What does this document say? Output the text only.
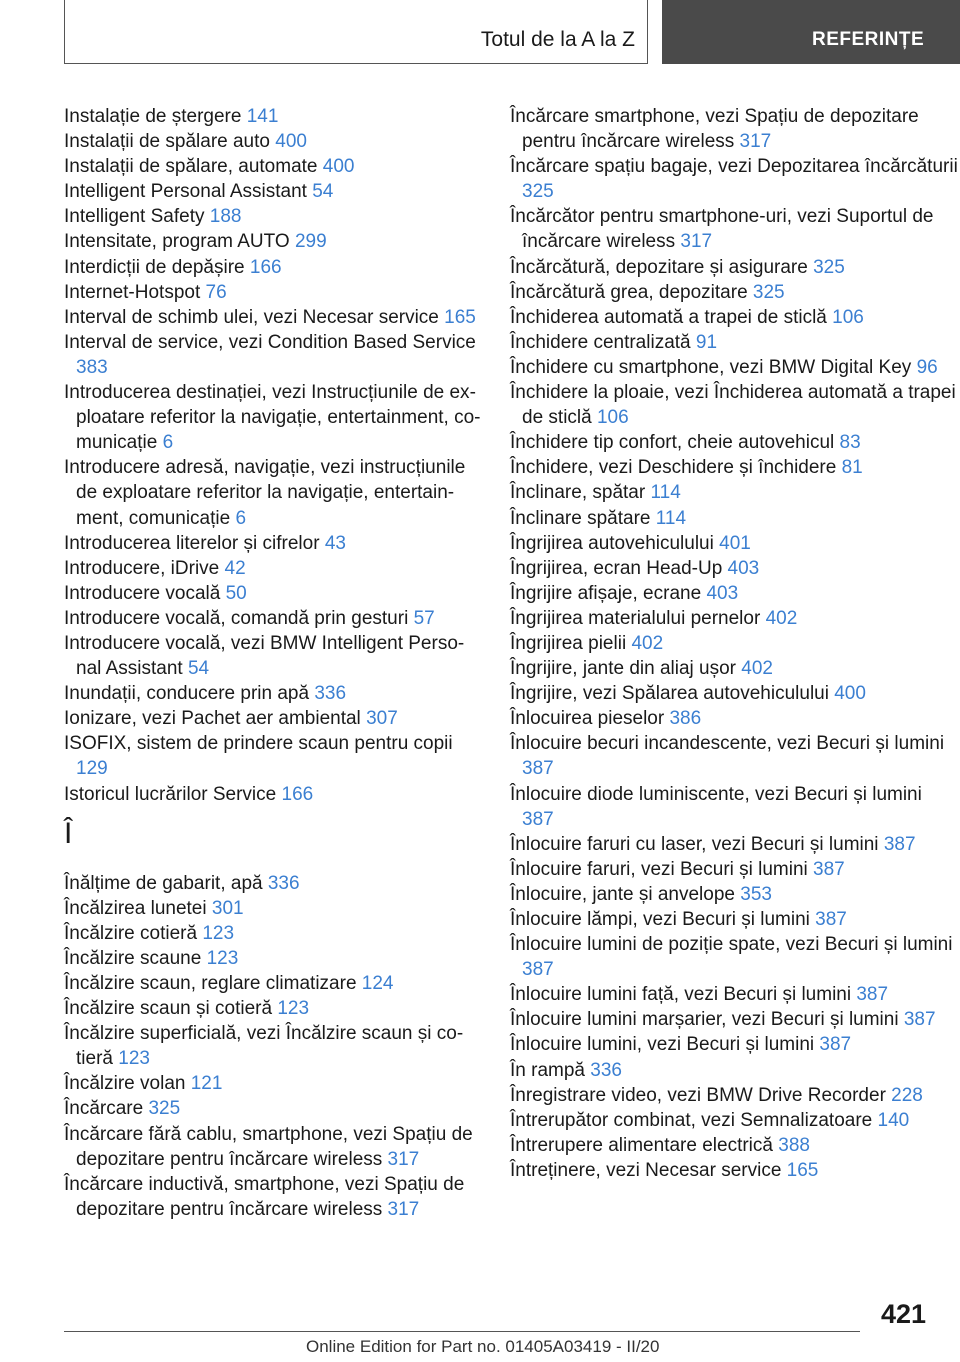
Totul de la A la Z	REFERINȚE

Instalație de ștergere 141

Instalații de spălare auto 400

Instalații de spălare, automate 400

Intelligent Personal Assistant 54

Intelligent Safety 188

Intensitate, program AUTO 299

Interdicții de depășire 166

Internet-Hotspot 76

Interval de schimb ulei, vezi Necesar service 165

Interval de service, vezi Condition Based Service 383

Introducerea destinației, vezi Instrucțiunile de exploatare referitor la navigație, entertainment, comunicație 6

Introducere adresă, navigație, vezi instrucțiunile de exploatare referitor la navigație, entertainment, comunicație 6

Introducerea literelor și cifrelor 43

Introducere, iDrive 42

Introducere vocală 50

Introducere vocală, comandă prin gesturi 57

Introducere vocală, vezi BMW Intelligent Personal Assistant 54

Inundații, conducere prin apă 336

Ionizare, vezi Pachet aer ambiental 307

ISOFIX, sistem de prindere scaun pentru copii 129

Istoricul lucrărilor Service 166

Î

Înălțime de gabarit, apă 336

Încălzirea lunetei 301

Încălzire cotieră 123

Încălzire scaune 123

Încălzire scaun, reglare climatizare 124

Încălzire scaun și cotieră 123

Încălzire superficială, vezi Încălzire scaun și cotieră 123

Încălzire volan 121

Încărcare 325

Încărcare fără cablu, smartphone, vezi Spațiu de depozitare pentru încărcare wireless 317

Încărcare inductivă, smartphone, vezi Spațiu de depozitare pentru încărcare wireless 317

Încărcare smartphone, vezi Spațiu de depozitare pentru încărcare wireless 317

Încărcare spațiu bagaje, vezi Depozitarea încărcăturii 325

Încărcător pentru smartphone-uri, vezi Suportul de încărcare wireless 317

Încărcătură, depozitare și asigurare 325

Încărcătură grea, depozitare 325

Închiderea automată a trapei de sticlă 106

Închidere centralizată 91

Închidere cu smartphone, vezi BMW Digital Key 96

Închidere la ploaie, vezi Închiderea automată a trapei de sticlă 106

Închidere tip confort, cheie autovehicul 83

Închidere, vezi Deschidere și închidere 81

Înclinare, spătar 114

Înclinare spătare 114

Îngrijirea autovehiculului 401

Îngrijirea, ecran Head-Up 403

Îngrijire afișaje, ecrane 403

Îngrijirea materialului pernelor 402

Îngrijirea pielii 402

Îngrijire, jante din aliaj ușor 402

Îngrijire, vezi Spălarea autovehiculului 400

Înlocuirea pieselor 386

Înlocuire becuri incandescente, vezi Becuri și lumini 387

Înlocuire diode luminiscente, vezi Becuri și lumini 387

Înlocuire faruri cu laser, vezi Becuri și lumini 387

Înlocuire faruri, vezi Becuri și lumini 387

Înlocuire, jante și anvelope 353

Înlocuire lămpi, vezi Becuri și lumini 387

Înlocuire lumini de poziție spate, vezi Becuri și lumini 387

Înlocuire lumini față, vezi Becuri și lumini 387

Înlocuire lumini marșarier, vezi Becuri și lumini 387

Înlocuire lumini, vezi Becuri și lumini 387

În rampă 336

Înregistrare video, vezi BMW Drive Recorder 228

Întrerupător combinat, vezi Semnalizatoare 140

Întrerupere alimentare electrică 388

Întreținere, vezi Necesar service 165

421
Online Edition for Part no. 01405A03419 - II/20
